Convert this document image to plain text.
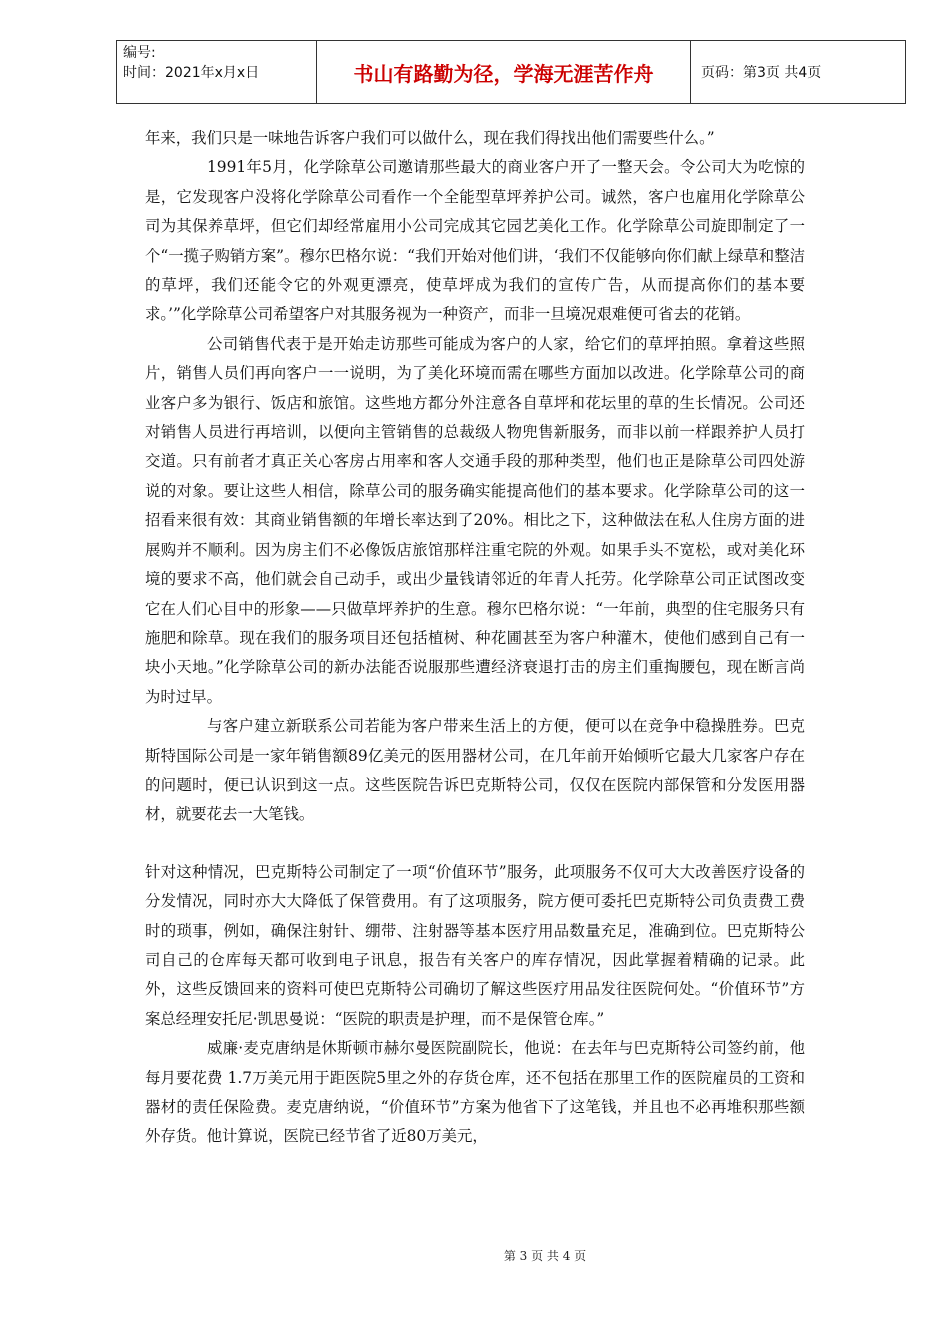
编号:
时间：2021年x月x日	书山有路勤为径，学海无涯苦作舟	页码：第3页 共4页

年来，我们只是一味地告诉客户我们可以做什么，现在我们得找出他们需要些什么。”

1991年5月，化学除草公司邀请那些最大的商业客户开了一整天会。令公司大为吃惊的是，它发现客户没将化学除草公司看作一个全能型草坪养护公司。诚然，客户也雇用化学除草公司为其保养草坪，但它们却经常雇用小公司完成其它园艺美化工作。化学除草公司旋即制定了一个“一揽子购销方案”。穆尔巴格尔说：“我们开始对他们讲，‘我们不仅能够向你们献上绿草和整洁的草坪，我们还能令它的外观更漂亮，使草坪成为我们的宣传广告，从而提高你们的基本要求。’”化学除草公司希望客户对其服务视为一种资产，而非一旦境况艰难便可省去的花销。

公司销售代表于是开始走访那些可能成为客户的人家，给它们的草坪拍照。拿着这些照片，销售人员们再向客户一一说明，为了美化环境而需在哪些方面加以改进。化学除草公司的商业客户多为银行、饭店和旅馆。这些地方都分外注意各自草坪和花坛里的草的生长情况。公司还对销售人员进行再培训，以便向主管销售的总裁级人物兜售新服务，而非以前一样跟养护人员打交道。只有前者才真正关心客房占用率和客人交通手段的那种类型，他们也正是除草公司四处游说的对象。要让这些人相信，除草公司的服务确实能提高他们的基本要求。化学除草公司的这一招看来很有效：其商业销售额的年增长率达到了20%。相比之下，这种做法在私人住房方面的进展购并不顺利。因为房主们不必像饭店旅馆那样注重宅院的外观。如果手头不宽松，或对美化环境的要求不高，他们就会自己动手，或出少量钱请邻近的年青人托劳。化学除草公司正试图改变它在人们心目中的形象——只做草坪养护的生意。穆尔巴格尔说：“一年前，典型的住宅服务只有施肥和除草。现在我们的服务项目还包括植树、种花圃甚至为客户种灌木，使他们感到自己有一块小天地。”化学除草公司的新办法能否说服那些遭经济衰退打击的房主们重掏腰包，现在断言尚为时过早。

与客户建立新联系公司若能为客户带来生活上的方便，便可以在竞争中稳操胜券。巴克斯特国际公司是一家年销售额89亿美元的医用器材公司，在几年前开始倾听它最大几家客户存在的问题时，便已认识到这一点。这些医院告诉巴克斯特公司，仅仅在医院内部保管和分发医用器材，就要花去一大笔钱。

针对这种情况，巴克斯特公司制定了一项“价值环节”服务，此项服务不仅可大大改善医疗设备的分发情况，同时亦大大降低了保管费用。有了这项服务，院方便可委托巴克斯特公司负责费工费时的琐事，例如，确保注射针、绷带、注射器等基本医疗用品数量充足，准确到位。巴克斯特公司自己的仓库每天都可收到电子讯息，报告有关客户的库存情况，因此掌握着精确的记录。此外，这些反馈回来的资料可使巴克斯特公司确切了解这些医疗用品发往医院何处。“价值环节”方案总经理安托尼·凯思曼说：“医院的职责是护理，而不是保管仓库。”

威廉·麦克唐纳是休斯顿市赫尔曼医院副院长，他说：在去年与巴克斯特公司签约前，他每月要花费 1.7万美元用于距医院5里之外的存货仓库，还不包括在那里工作的医院雇员的工资和器材的责任保险费。麦克唐纳说，“价值环节”方案为他省下了这笔钱，并且也不必再堆积那些额外存货。他计算说，医院已经节省了近80万美元，

第 3 页 共 4 页
